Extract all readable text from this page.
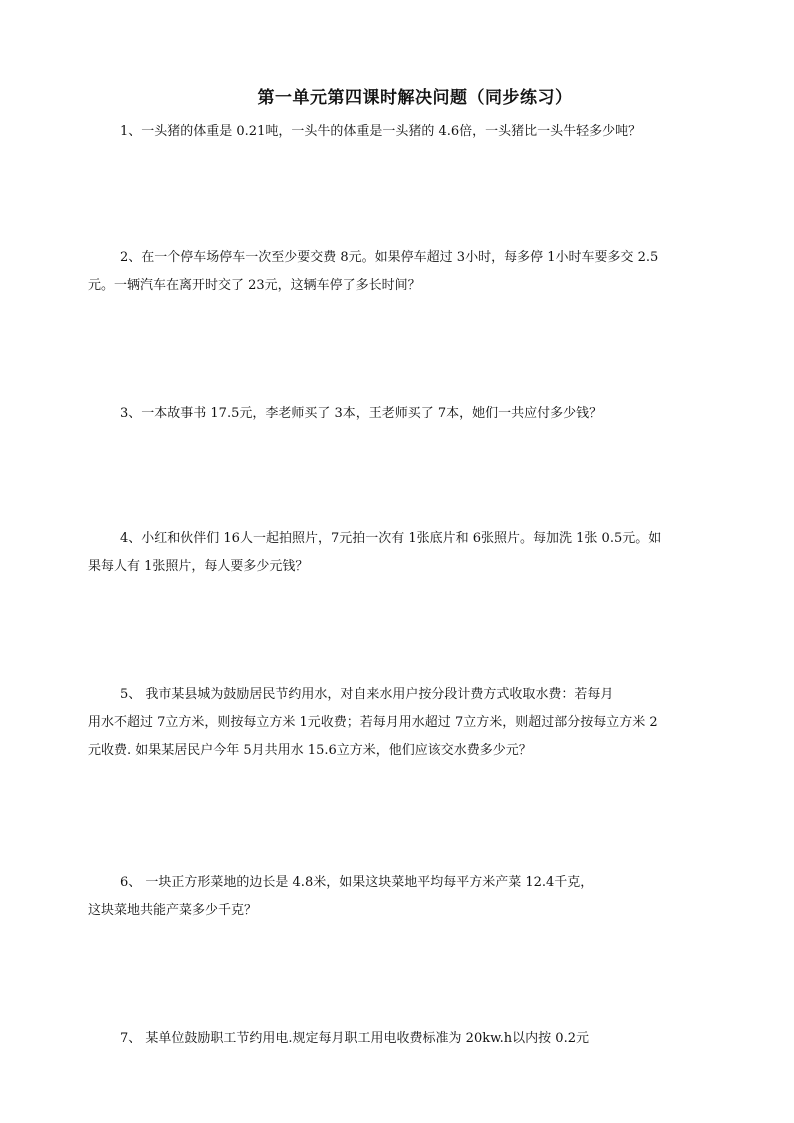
第一单元第四课时解决问题（同步练习）
1、一头猪的体重是 0.21吨，一头牛的体重是一头猪的 4.6倍，一头猪比一头牛轻多少吨？
2、在一个停车场停车一次至少要交费 8元。如果停车超过 3小时，每多停 1小时车要多交 2.5
元。一辆汽车在离开时交了 23元，这辆车停了多长时间？
3、一本故事书 17.5元，李老师买了 3本，王老师买了 7本，她们一共应付多少钱？
4、小红和伙伴们 16人一起拍照片，7元拍一次有 1张底片和 6张照片。每加洗 1张 0.5元。如
果每人有 1张照片，每人要多少元钱？
5、 我市某县城为鼓励居民节约用水，对自来水用户按分段计费方式收取水费：若每月
用水不超过 7立方米，则按每立方米 1元收费；若每月用水超过 7立方米，则超过部分按每立方米 2
元收费. 如果某居民户今年 5月共用水 15.6立方米，他们应该交水费多少元？
6、 一块正方形菜地的边长是 4.8米，如果这块菜地平均每平方米产菜 12.4千克，
这块菜地共能产菜多少千克？
7、 某单位鼓励职工节约用电.规定每月职工用电收费标准为 20kw.h以内按 0.2元
